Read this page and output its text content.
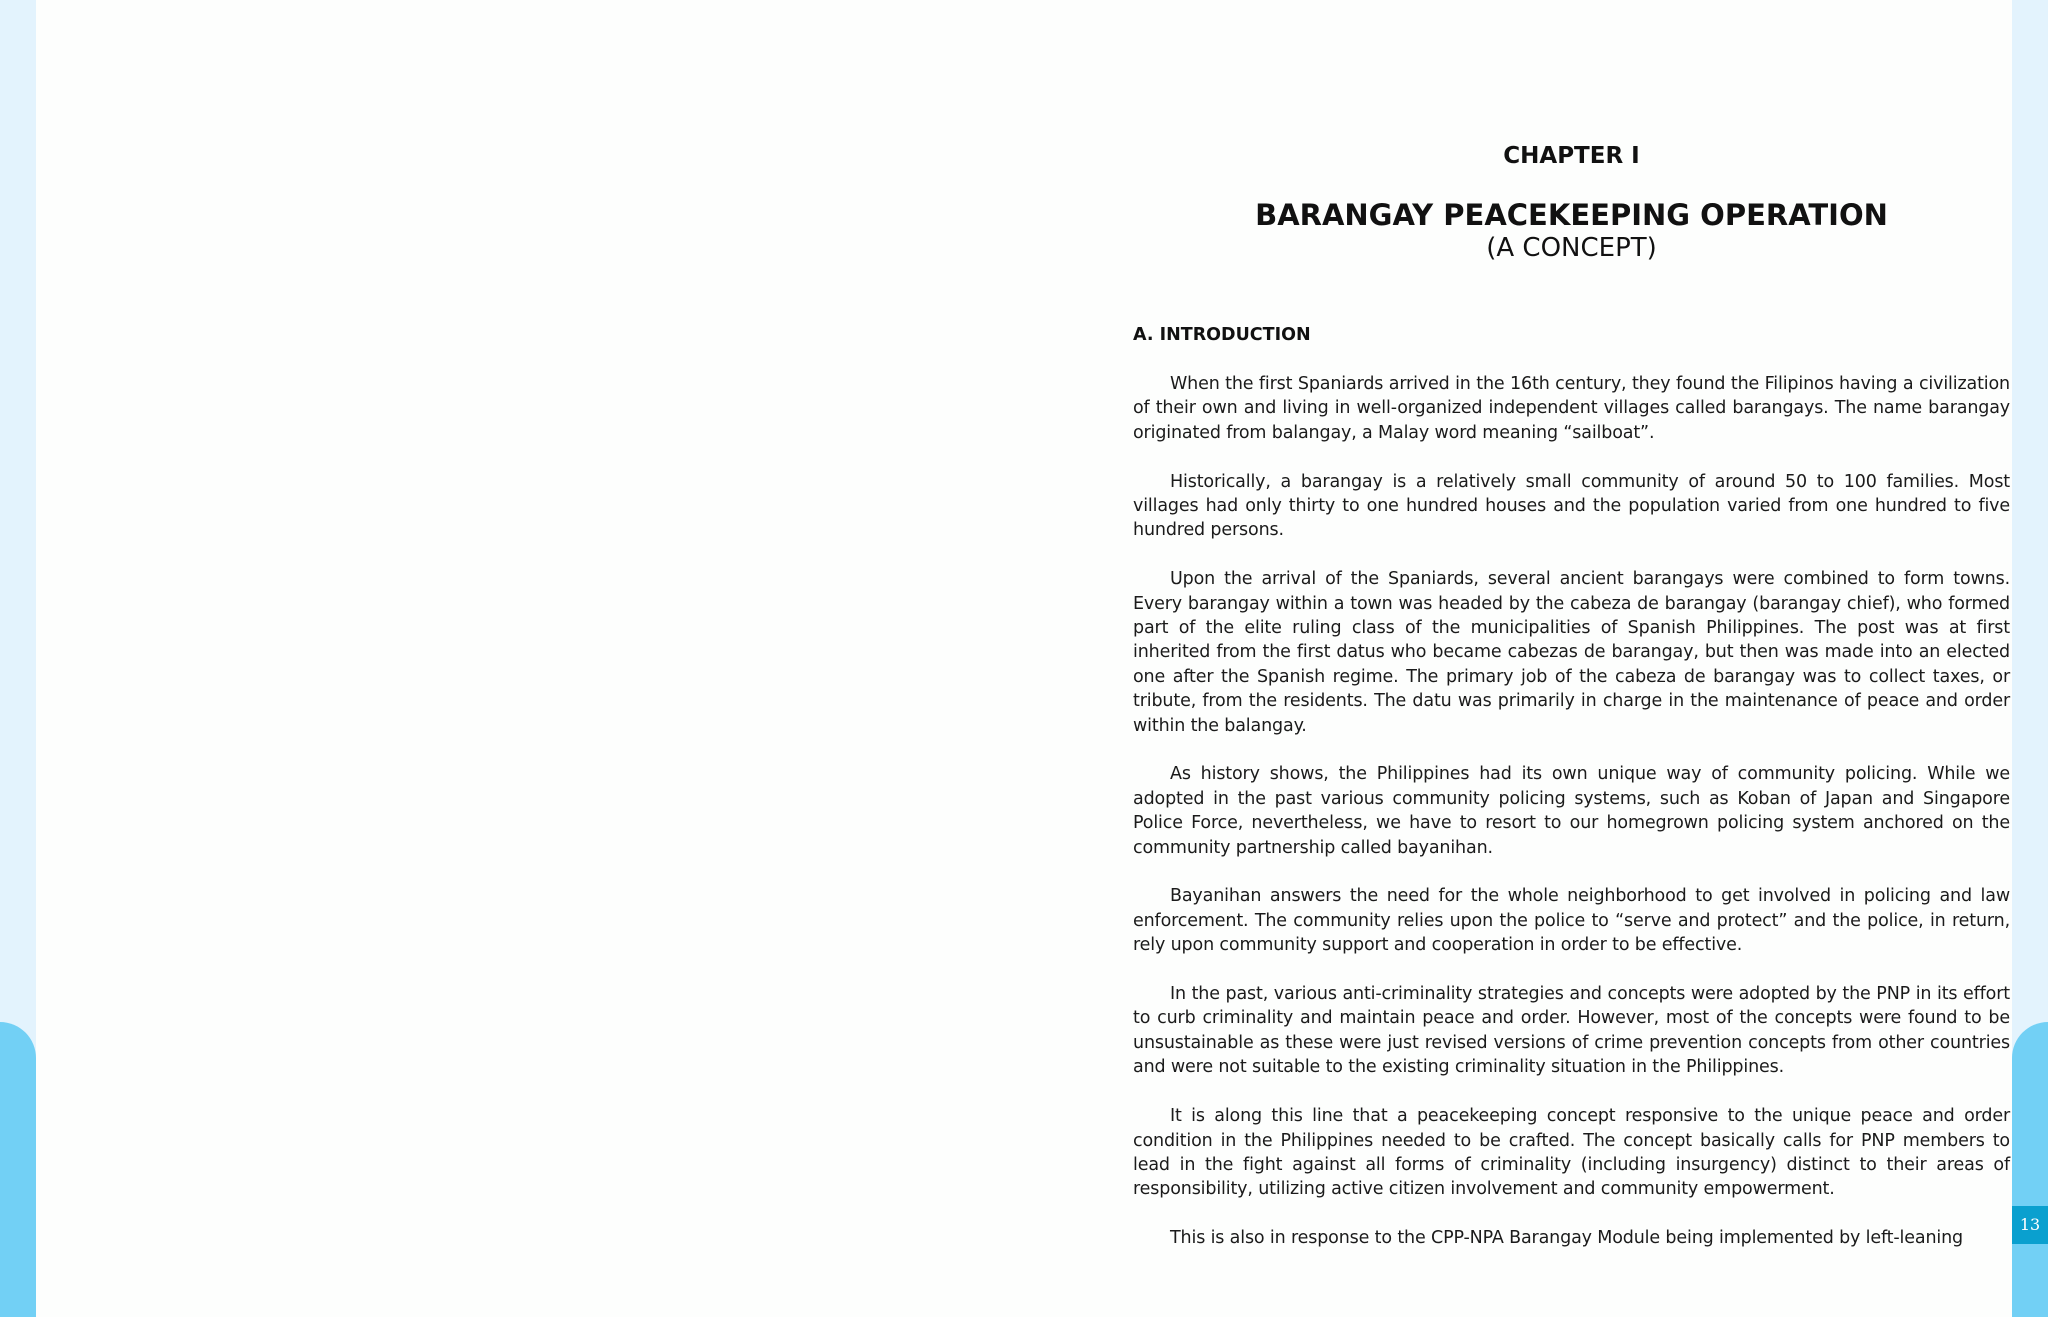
CHAPTER I
BARANGAY PEACEKEEPING OPERATION
(A CONCEPT)
A. INTRODUCTION

When the first Spaniards arrived in the 16th century, they found the Filipinos having a civilization of their own and living in well-organized independent villages called barangays. The name barangay originated from balangay, a Malay word meaning “sailboat”.

Historically, a barangay is a relatively small community of around 50 to 100 families. Most villages had only thirty to one hundred houses and the population varied from one hundred to five hundred persons.

Upon the arrival of the Spaniards, several ancient barangays were combined to form towns. Every barangay within a town was headed by the cabeza de barangay (barangay chief), who formed part of the elite ruling class of the municipalities of Spanish Philippines. The post was at first inherited from the first datus who became cabezas de barangay, but then was made into an elected one after the Spanish regime. The primary job of the cabeza de barangay was to collect taxes, or tribute, from the residents. The datu was primarily in charge in the maintenance of peace and order within the balangay.

As history shows, the Philippines had its own unique way of community policing. While we adopted in the past various community policing systems, such as Koban of Japan and Singapore Police Force, nevertheless, we have to resort to our homegrown policing system anchored on the community partnership called bayanihan.

Bayanihan answers the need for the whole neighborhood to get involved in policing and law enforcement. The community relies upon the police to “serve and protect” and the police, in return, rely upon community support and cooperation in order to be effective.

In the past, various anti-criminality strategies and concepts were adopted by the PNP in its effort to curb criminality and maintain peace and order. However, most of the concepts were found to be unsustainable as these were just revised versions of crime prevention concepts from other countries and were not suitable to the existing criminality situation in the Philippines.

It is along this line that a peacekeeping concept responsive to the unique peace and order condition in the Philippines needed to be crafted. The concept basically calls for PNP members to lead in the fight against all forms of criminality (including insurgency) distinct to their areas of responsibility, utilizing active citizen involvement and community empowerment.

This is also in response to the CPP-NPA Barangay Module being implemented by left-leaning

13
